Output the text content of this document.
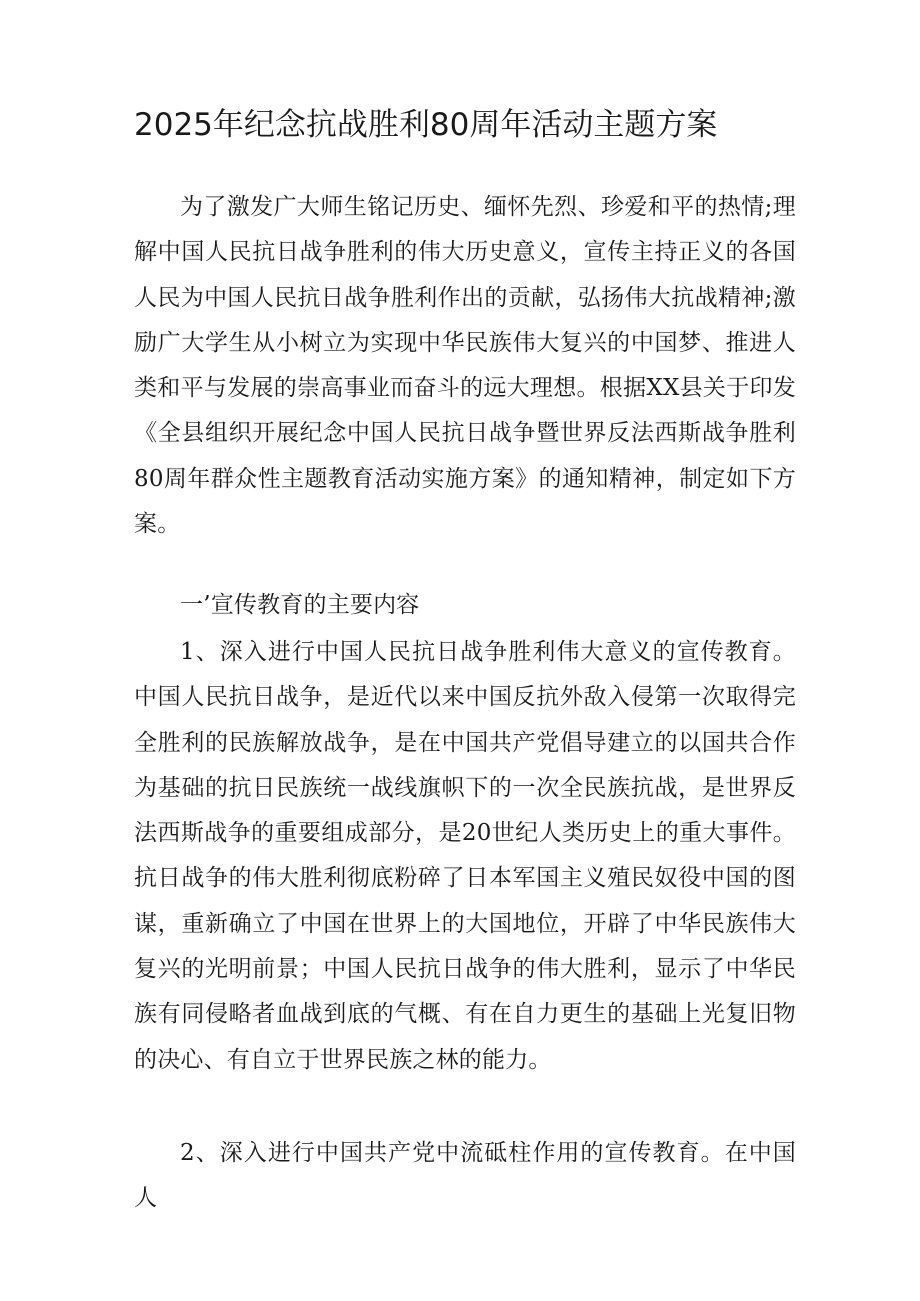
2025年纪念抗战胜利80周年活动主题方案

为了激发广大师生铭记历史、缅怀先烈、珍爱和平的热情;理解中国人民抗日战争胜利的伟大历史意义，宣传主持正义的各国人民为中国人民抗日战争胜利作出的贡献，弘扬伟大抗战精神;激励广大学生从小树立为实现中华民族伟大复兴的中国梦、推进人类和平与发展的崇高事业而奋斗的远大理想。根据XX县关于印发《全县组织开展纪念中国人民抗日战争暨世界反法西斯战争胜利80周年群众性主题教育活动实施方案》的通知精神，制定如下方案。

一’宣传教育的主要内容

1、深入进行中国人民抗日战争胜利伟大意义的宣传教育。中国人民抗日战争，是近代以来中国反抗外敌入侵第一次取得完全胜利的民族解放战争，是在中国共产党倡导建立的以国共合作为基础的抗日民族统一战线旗帜下的一次全民族抗战，是世界反法西斯战争的重要组成部分，是20世纪人类历史上的重大事件。抗日战争的伟大胜利彻底粉碎了日本军国主义殖民奴役中国的图谋，重新确立了中国在世界上的大国地位，开辟了中华民族伟大复兴的光明前景；中国人民抗日战争的伟大胜利，显示了中华民族有同侵略者血战到底的气概、有在自力更生的基础上光复旧物的决心、有自立于世界民族之林的能力。

2、深入进行中国共产党中流砥柱作用的宣传教育。在中国人
